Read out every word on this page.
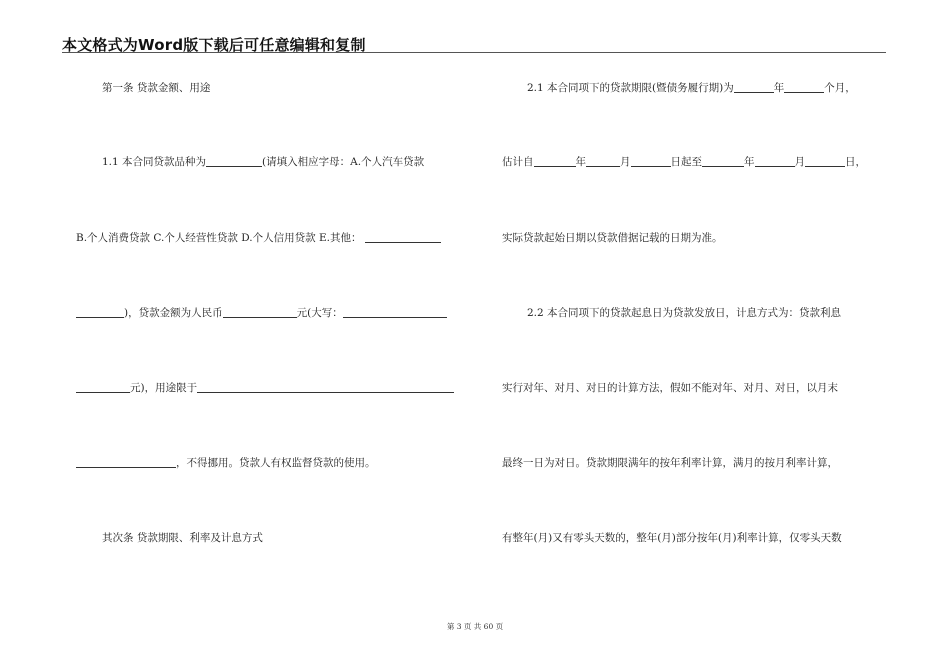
本文格式为Word版下载后可任意编辑和复制
第一条 贷款金额、用途
1.1 本合同贷款品种为	(请填入相应字母：A.个人汽车贷款
B.个人消费贷款 C.个人经营性贷款 D.个人信用贷款 E.其他：
)，贷款金额为人民币	元(大写：
元)，用途限于
，不得挪用。贷款人有权监督贷款的使用。
其次条 贷款期限、利率及计息方式
2.1 本合同项下的贷款期限(暨债务履行期)为	年	个月，
估计自	年	月	日起至	年	月	日，
实际贷款起始日期以贷款借据记载的日期为准。
2.2 本合同项下的贷款起息日为贷款发放日，计息方式为：贷款利息
实行对年、对月、对日的计算方法，假如不能对年、对月、对日，以月末
最终一日为对日。贷款期限满年的按年利率计算，满月的按月利率计算，
有整年(月)又有零头天数的，整年(月)部分按年(月)利率计算，仅零头天数
第 3 页 共 60 页
